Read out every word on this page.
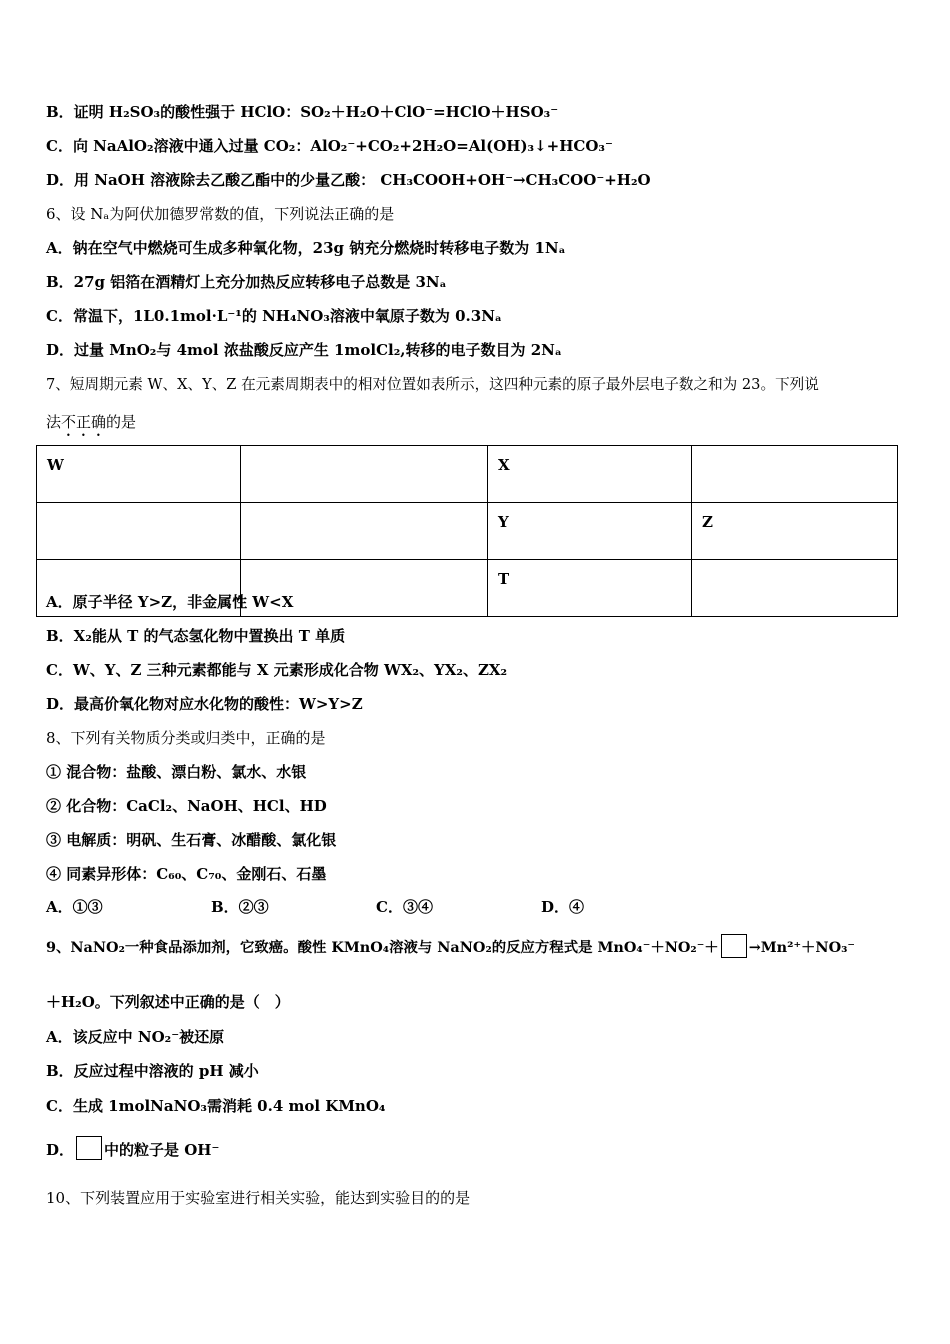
B．证明 H₂SO₃的酸性强于 HClO：SO₂＋H₂O＋ClO⁻=HClO＋HSO₃⁻
C．向 NaAlO₂溶液中通入过量 CO₂：AlO₂⁻+CO₂+2H₂O=Al(OH)₃↓+HCO₃⁻
D．用 NaOH 溶液除去乙酸乙酯中的少量乙酸： CH₃COOH+OH⁻→CH₃COO⁻+H₂O
6、设 Nₐ为阿伏加德罗常数的值，下列说法正确的是
A．钠在空气中燃烧可生成多种氧化物，23g 钠充分燃烧时转移电子数为 1Nₐ
B．27g 铝箔在酒精灯上充分加热反应转移电子总数是 3Nₐ
C．常温下，1L0.1mol·L⁻¹的 NH₄NO₃溶液中氧原子数为 0.3Nₐ
D．过量 MnO₂与 4mol 浓盐酸反应产生 1molCl₂,转移的电子数目为 2Nₐ
7、短周期元素 W、X、Y、Z 在元素周期表中的相对位置如表所示，这四种元素的原子最外层电子数之和为 23。下列说
法不正确的是
W		X	
		Y	Z
		T	
A．原子半径 Y>Z，非金属性 W<X
B．X₂能从 T 的气态氢化物中置换出 T 单质
C．W、Y、Z 三种元素都能与 X 元素形成化合物 WX₂、YX₂、ZX₂
D．最高价氧化物对应水化物的酸性：W>Y>Z
8、下列有关物质分类或归类中，正确的是
① 混合物：盐酸、漂白粉、氯水、水银
② 化合物：CaCl₂、NaOH、HCl、HD
③ 电解质：明矾、生石膏、冰醋酸、氯化银
④ 同素异形体：C₆₀、C₇₀、金刚石、石墨
A．①③	B．②③	C．③④	D．④
9、NaNO₂一种食品添加剂，它致癌。酸性 KMnO₄溶液与 NaNO₂的反应方程式是 MnO₄⁻＋NO₂⁻＋ →Mn²⁺＋NO₃⁻
＋H₂O。下列叙述中正确的是（　）
A．该反应中 NO₂⁻被还原
B．反应过程中溶液的 pH 减小
C．生成 1molNaNO₃需消耗 0.4 mol KMnO₄
D． 中的粒子是 OH⁻
10、下列装置应用于实验室进行相关实验，能达到实验目的的是
